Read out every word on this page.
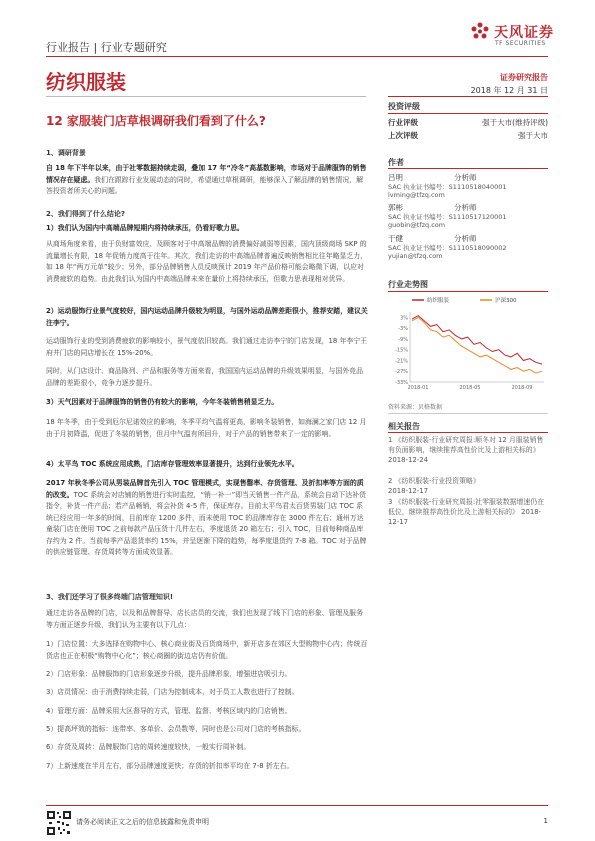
行业报告 | 行业专题研究
天风证券
TF SECURITIES
纺织服装	证券研究报告
2018 年 12 月 31 日
12 家服装门店草根调研我们看到了什么?
1、调研背景
自 18 年下半年以来，由于社零数据持续走弱，叠加 17 年“冷冬”高基数影响，市场对于品牌服饰的销售情况存在疑虑。我们在跟踪行业发展动态的同时，希望通过草根调研，能够深入了解品牌的销售情况，解答投资者所关心的问题。
2、我们得到了什么结论?
1）我们认为国内中高端品牌短期内将持续承压，仍看好歌力思。
从商场角度来看，由于负财富效应、及顾客对于中高端品牌的消费偏好减弱等因素，国内顶级商场 SKP 的流量增长有限，18 年促销力度高于往年。其次，我们走访的中高端品牌普遍反映销售相比往年略显乏力，如 18 年“两万元单”较少；另外，部分品牌销售人员反映预计 2019 年产品价格可能会略微下调，以应对消费疲软的趋势。由此我们认为国内中高端品牌未来在量价上将持续承压，但歌力思表现相对优异。
2）运动服饰行业景气度较好，国内运动品牌升级较为明显，与国外运动品牌差距很小，推荐安踏，建议关注李宁。
运动服饰行业的受到消费疲软的影响较小，景气度依旧较高。我们通过走访李宁的门店发现，18 年李宁王府井门店的同店增长在 15%-20%。
同时，从门店设计、商品陈列、产品和服务等方面来看，我国国内运动品牌的升级效果明显，与国外竞品品牌的差距很小，竞争力逐步提升。
3）天气因素对于品牌服饰的销售仍有较大的影响，今年冬装销售稍显乏力。
18 年冬季，由于受到厄尔尼诺效应的影响，冬季平均气温将更高，影响冬装销售，如海澜之家门店 12 月由于月初降温，促进了冬装的销售，但月中气温有所回升，对于产品的销售带来了一定的影响。
4）太平鸟 TOC 系统应用成熟，门店库存管理效率显著提升，达到行业领先水平。
2017 年秋冬季公司从男装品牌首先引入 TOC 管理模式，实现售罄率、存货管理、及折扣率等方面的质的改变。TOC 系统会对店铺的销售进行实时监控，“销一补一”即当天销售一件产品，系统会自动下达补货指令，补货一件产品；若产品畅销，将会补货 4-5 件，保证库存。目前太平鸟君太百货男装门店 TOC 系统已经应用一年多的时间，目前库存 1200 多件，而未使用 TOC 的品牌库存在 3000 件左右；通州万达童装门店在使用 TOC 之前每款产品压货十几件左右，季度退货 20 箱左右；引入 TOC，目前每种商品库存约为 2 件。当前每季产品退货率约 15%，并呈逐渐下降的趋势，每季度退货约 7-8 箱。TOC 对于品牌的供应链管理、存货周转等方面成效显著。
3、我们还学习了很多终端门店管理知识!
通过走访各品牌的门店，以及和品牌督导、店长店员的交流，我们也发现了线下门店的形象、管理及服务等方面正逐步升级，我们认为主要有以下几点：
1）门店位置：大多选择在购物中心、核心商业街及百货商场中，新开店多在郊区大型购物中心内；传统百货店也正在积极“购物中心化”；核心商圈的街边店仍有价值。
2）门店形象：品牌服饰的门店形象逐步升级，提升品牌形象，增强进店吸引力。
3）店员情况：由于消费持续走弱，门店为控制成本，对于员工人数也进行了控制。
4）管理方面：品牌采用大区督导的方式，管理、监督、考核区域内的门店销售。
5）提高坪效的指标：连带率、客单价、会员数等，同时也是公司对门店的考核指标。
6）存货及周转：品牌服饰门店的周转速度较快，一般实行周补制。
7）上新速度在半月左右，部分品牌速度更快；存货的折扣率平均在 7-8 折左右。
投资评级
行业评级	强于大市(维持评级)
上次评级	强于大市
作者
吕明	分析师
SAC 执业证书编号：S1110518040001
lvming@tfzq.com
郭彬	分析师
SAC 执业证书编号：S1110517120001
guobin@tfzq.com
于健	分析师
SAC 执业证书编号：S1110518090002
yujian@tfzq.com
行业走势图
纺织服装	沪深300
3%
-3%
-9%
-15%
-21%
-27%
-33%
2018-01	2018-05	2018-09
资料来源：贝格数据
相关报告
1 《纺织服装-行业研究周报:顺冬对 12 月服装销售有负面影响，继续推荐高性价比及上游相关标的》 2018-12-24
2 《纺织服装-行业投资策略》
2018-12-17
3 《纺织服装-行业研究周报:社零服装数据增速仍在低位，继续推荐高性价比及上游相关标的》 2018-12-17
请务必阅读正文之后的信息披露和免责申明	1
